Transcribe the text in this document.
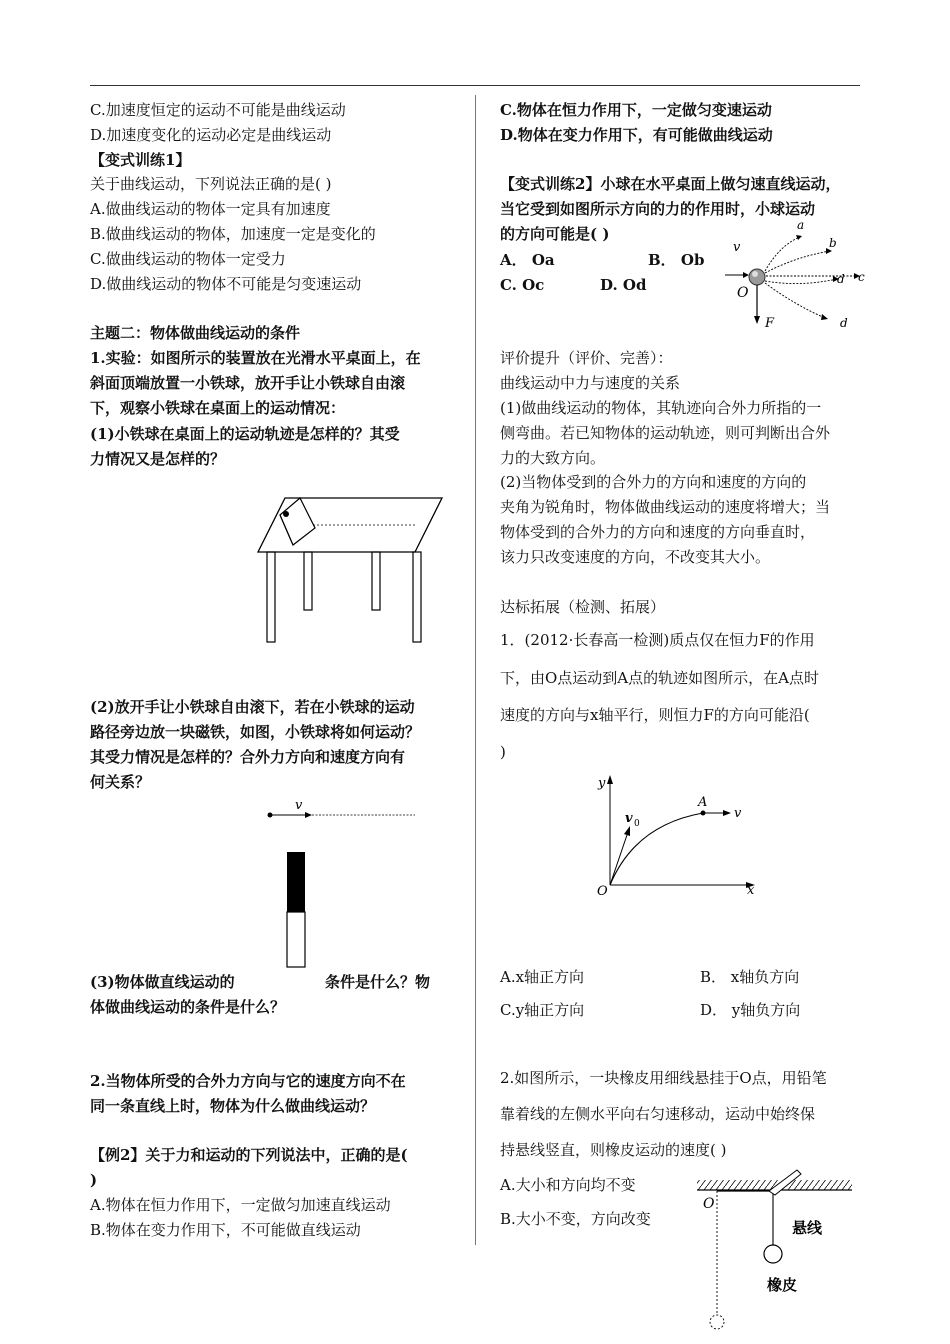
C.加速度恒定的运动不可能是曲线运动
D.加速度变化的运动必定是曲线运动
【变式训练1】
关于曲线运动，下列说法正确的是( )
A.做曲线运动的物体一定具有加速度
B.做曲线运动的物体，加速度一定是变化的
C.做曲线运动的物体一定受力
D.做曲线运动的物体不可能是匀变速运动
主题二：物体做曲线运动的条件
1.实验：如图所示的装置放在光滑水平桌面上，在
斜面顶端放置一小铁球，放开手让小铁球自由滚
下，观察小铁球在桌面上的运动情况：
(1)小铁球在桌面上的运动轨迹是怎样的？其受
力情况又是怎样的？
(2)放开手让小铁球自由滚下，若在小铁球的运动
路径旁边放一块磁铁，如图，小铁球将如何运动？
其受力情况是怎样的？合外力方向和速度方向有
何关系？
v
(3)物体做直线运动的	条件是什么？物
体做曲线运动的条件是什么？
2.当物体所受的合外力方向与它的速度方向不在
同一条直线上时，物体为什么做曲线运动？
【例2】关于力和运动的下列说法中，正确的是(
)
A.物体在恒力作用下，一定做匀加速直线运动
B.物体在变力作用下，不可能做直线运动
C.物体在恒力作用下，一定做匀变速运动
D.物体在变力作用下，有可能做曲线运动
【变式训练2】小球在水平桌面上做匀速直线运动，
当它受到如图所示方向的力的作用时，小球运动
的方向可能是( )
A． Oa	B． Ob
C. Oc	D. Od
v
a
b
c
d
d
O
F
评价提升（评价、完善）：
曲线运动中力与速度的关系
(1)做曲线运动的物体，其轨迹向合外力所指的一
侧弯曲。若已知物体的运动轨迹，则可判断出合外
力的大致方向。
(2)当物体受到的合外力的方向和速度的方向的
夹角为锐角时，物体做曲线运动的速度将增大；当
物体受到的合外力的方向和速度的方向垂直时，
该力只改变速度的方向，不改变其大小。
达标拓展（检测、拓展）
1．(2012·长春高一检测)质点仅在恒力F的作用
下，由O点运动到A点的轨迹如图所示，在A点时
速度的方向与x轴平行，则恒力F的方向可能沿(
)
y
x
O
A
v
v 0
A.x轴正方向	B． x轴负方向
C.y轴正方向	D． y轴负方向
2.如图所示，一块橡皮用细线悬挂于O点，用铅笔
靠着线的左侧水平向右匀速移动，运动中始终保
持悬线竖直，则橡皮运动的速度( )
A.大小和方向均不变
B.大小不变，方向改变
O
悬线
橡皮
